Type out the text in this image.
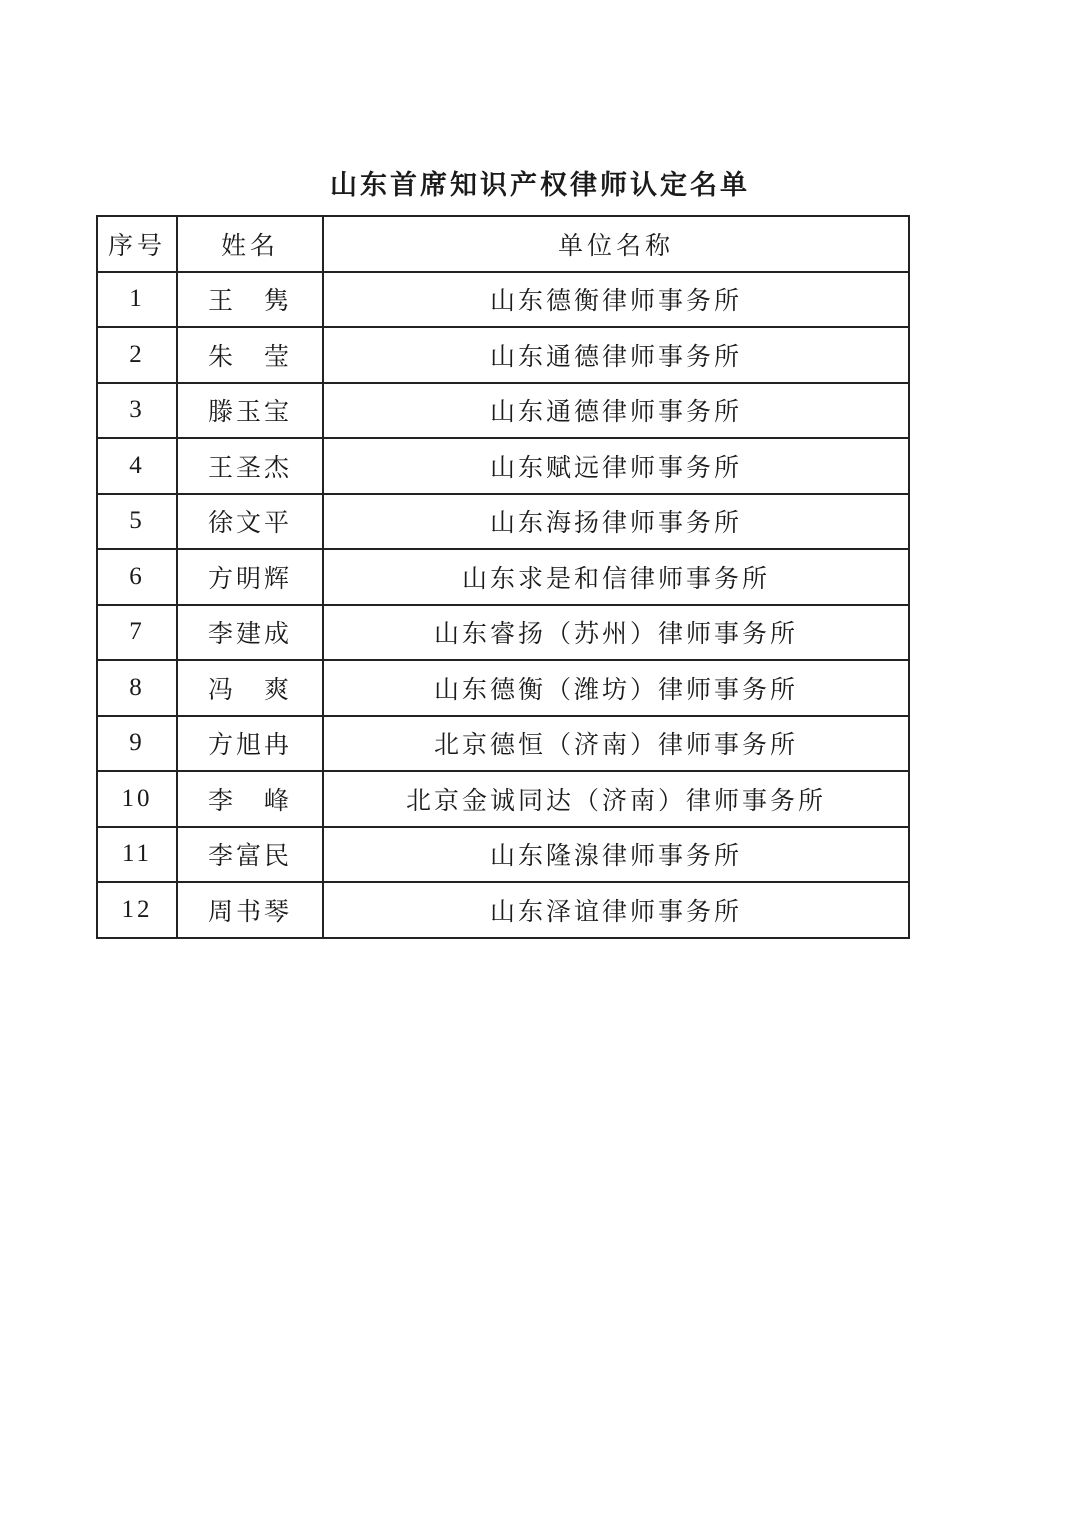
山东首席知识产权律师认定名单
序号	姓名	单位名称
1	王　隽	山东德衡律师事务所
2	朱　莹	山东通德律师事务所
3	滕玉宝	山东通德律师事务所
4	王圣杰	山东赋远律师事务所
5	徐文平	山东海扬律师事务所
6	方明辉	山东求是和信律师事务所
7	李建成	山东睿扬（苏州）律师事务所
8	冯　爽	山东德衡（潍坊）律师事务所
9	方旭冉	北京德恒（济南）律师事务所
10	李　峰	北京金诚同达（济南）律师事务所
11	李富民	山东隆湶律师事务所
12	周书琴	山东泽谊律师事务所
